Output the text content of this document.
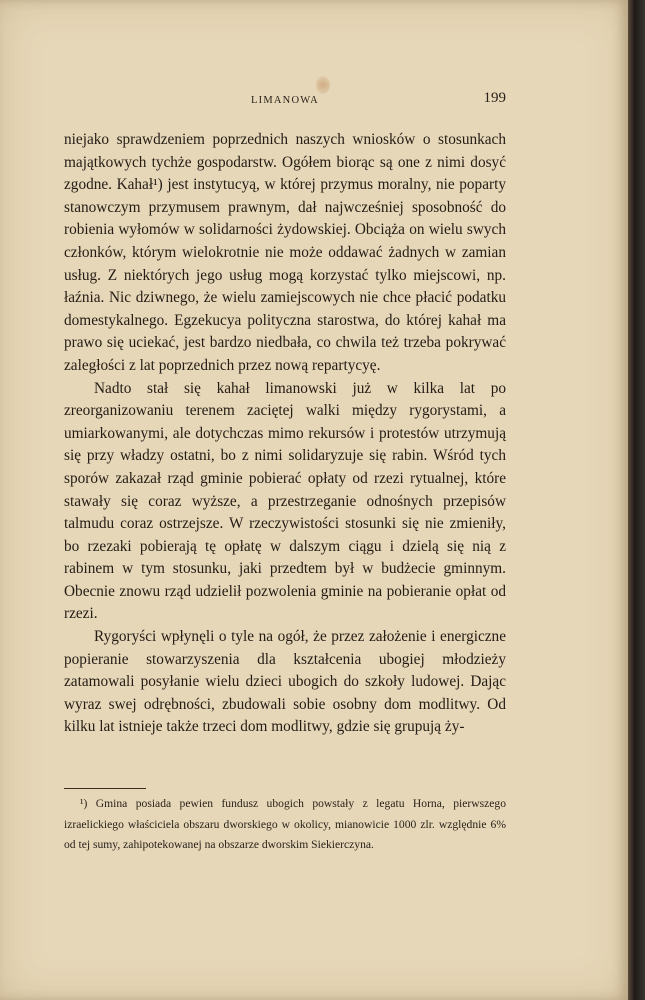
LIMANOWA	199

niejako sprawdzeniem poprzednich naszych wniosków o stosunkach majątkowych tychże gospodarstw. Ogółem biorąc są one z nimi dosyć zgodne. Kahał¹) jest instytucyą, w której przymus moralny, nie poparty stanowczym przymusem prawnym, dał najwcześniej sposobność do robienia wyłomów w solidarności żydowskiej. Obciąża on wielu swych członków, którym wielokrotnie nie może oddawać żadnych w zamian usług. Z niektórych jego usług mogą korzystać tylko miejscowi, np. łaźnia. Nic dziwnego, że wielu zamiejscowych nie chce płacić podatku domestykalnego. Egzekucya polityczna starostwa, do której kahał ma prawo się uciekać, jest bardzo niedbała, co chwila też trzeba pokrywać zaległości z lat poprzednich przez nową repartycyę.

Nadto stał się kahał limanowski już w kilka lat po zreorganizowaniu terenem zaciętej walki między rygorystami, a umiarkowanymi, ale dotychczas mimo rekursów i protestów utrzymują się przy władzy ostatni, bo z nimi solidaryzuje się rabin. Wśród tych sporów zakazał rząd gminie pobierać opłaty od rzezi rytualnej, które stawały się coraz wyższe, a przestrzeganie odnośnych przepisów talmudu coraz ostrzejsze. W rzeczywistości stosunki się nie zmieniły, bo rzezaki pobierają tę opłatę w dalszym ciągu i dzielą się nią z rabinem w tym stosunku, jaki przedtem był w budżecie gminnym. Obecnie znowu rząd udzielił pozwolenia gminie na pobieranie opłat od rzezi.

Rygoryści wpłynęli o tyle na ogół, że przez założenie i energiczne popieranie stowarzyszenia dla kształcenia ubogiej młodzieży zatamowali posyłanie wielu dzieci ubogich do szkoły ludowej. Dając wyraz swej odrębności, zbudowali sobie osobny dom modlitwy. Od kilku lat istnieje także trzeci dom modlitwy, gdzie się grupują ży-

¹) Gmina posiada pewien fundusz ubogich powstały z legatu Horna, pierwszego izraelickiego właściciela obszaru dworskiego w okolicy, mianowicie 1000 zlr. względnie 6% od tej sumy, zahipotekowanej na obszarze dworskim Siekierczyna.
